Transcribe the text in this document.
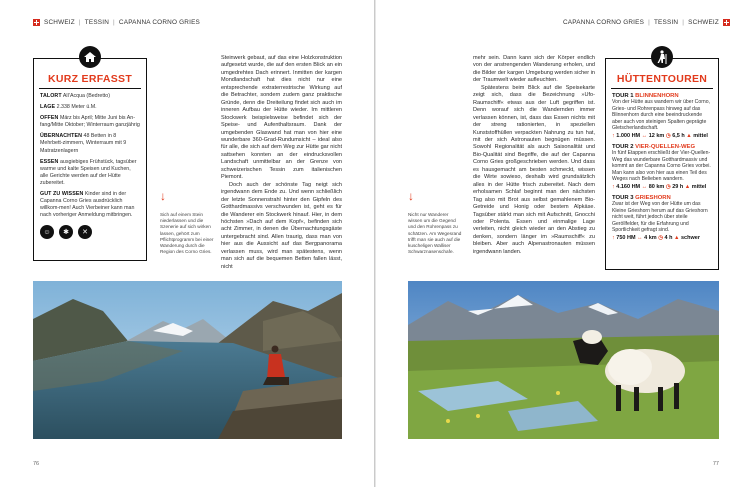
SCHWEIZ | TESSIN | CAPANNA CORNO GRIES
KURZ ERFASST
TALORT All’Acqua (Bedretto)
LAGE 2.338 Meter ü.M.
OFFEN März bis April; Mitte Juni bis An-fang/Mitte Oktober; Winterraum ganzjährig
ÜBERNACHTEN 48 Betten in 8 Mehrbett-zimmern, Winterraum mit 9 Matratzenlagern
ESSEN ausgiebiges Frühstück, tagsüber warme und kalte Speisen und Kuchen, alle Gerichte werden auf der Hütte zubereitet.
GUT ZU WISSEN Kinder sind in der Capanna Corno Gries ausdrücklich willkom-men! Auch Vierbeiner kann man nach vorheriger Anmeldung mitbringen.
☺	✱	✕
↓
Sich auf einem Stein niederlassen und die Szenerie auf sich wirken lassen, gehört zum Pflichtprogramm bei einer Wanderung durch die Region des Corno Gries.

Steinwerk gebaut, auf das eine Holzkonstruktion aufgesetzt wurde, die auf den ersten Blick an ein umgedrehtes Dach erinnert. Inmitten der kargen Mondlandschaft hat dies nicht nur eine entsprechende extraterrestrische Wirkung auf die Betrachter, sondern zudem ganz praktische Gründe, denn die Dreiteilung findet sich auch im inneren Aufbau der Hütte wieder. Im mittleren Stockwerk beispielsweise befindet sich der Speise- und Aufenthaltsraum. Dank der umgebenden Glaswand hat man von hier eine wunderbare 360-Grad-Rundumsicht – ideal also für alle, die sich auf dem Weg zur Hütte gar nicht sattsehen konnten an der eindrucksvollen Landschaft unmittelbar an der Grenze von schweizerischen Tessin zum italienischen Piemont.

Doch auch der schönste Tag neigt sich irgendwann dem Ende zu. Und wenn schließlich der letzte Sonnenstrahl hinter den Gipfeln des Gotthardmassivs verschwunden ist, geht es für die Wanderer ein Stockwerk hinauf. Hier, in dem höchsten »Dach auf dem Kopf«, befinden sich acht Zimmer, in denen die Übernachtungsgäste untergebracht sind. Allen traurig, dass man von hier aus die Aussicht auf das Bergpanorama verlassen muss, wird man spätestens, wenn man sich auf die bequemen Betten fallen lässt, nicht

76
CAPANNA CORNO GRIES | TESSIN | SCHWEIZ

mehr sein. Dann kann sich der Körper endlich von der anstrengenden Wanderung erholen, und die Bilder der kargen Umgebung werden sicher in der Traumwelt wieder aufleuchten.

Spätestens beim Blick auf die Speisekarte zeigt sich, dass die Bezeichnung »Ufo-Raumschiff« etwas aus der Luft gegriffen ist. Denn worauf sich die Wandernden immer verlassen können, ist, dass das Essen nichts mit der streng rationierten, in speziellen Kunststoffhüllen verpackten Nahrung zu tun hat, mit der sich Astronauten begnügen müssen. Sowohl Regionalität als auch Saisonalität und Bio-Qualität sind Begriffe, die auf der Capanna Corno Gries großgeschrieben werden. Und dass es hausgemacht am besten schmeckt, wissen die Wirte sowieso, deshalb wird grundsätzlich alles in der Hütte frisch zubereitet. Nach dem erholsamen Schlaf beginnt man den nächsten Tag also mit Brot aus selbst gemahlenem Bio-Getreide und Honig oder bestem Alpkäse. Tagsüber stärkt man sich mit Aufschnitt, Gnocchi oder Polenta. Essen und einmalige Lage verleiten, nicht gleich wieder an den Abstieg zu denken, sondern länger im »Raumschiff« zu bleiben. Aber auch Alpenastronauten müssen irgendwann landen.

↓
Nicht nur Wanderer wissen um die Gegend und den Rohrenpass zu schätzen. Am Wegesrand trifft man sie auch auf die kuscheligen Walliser Schwarznasenschafe.
HÜTTENTOUREN
TOUR 1 BLINNENHORN

Von der Hütte aus wandern wir über Corno, Gries- und Rohrenpass hinweg auf das Blinnenhorn durch eine beeindruckende aber auch von steinigen Spalten geprägte Gletscherlandschaft.

↑ 1.000 HM ↔ 12 km ◷ 6,5 h ▲ mittel
TOUR 2 VIER-QUELLEN-WEG

In fünf Etappen erschließt der Vier-Quellen-Weg das wunderbare Gotthardmassiv und kommt an der Capanna Corno Gries vorbei. Man kann also von hier aus einen Teil des Weges nach Belieben wandern.

↑ 4.160 HM ↔ 80 km ◷ 29 h ▲ mittel
TOUR 3 GRIESHORN

Zwar ist der Weg von der Hütte um das Kleine Grieshorn herum auf das Grieshorn nicht weit, führt jedoch über steile Geröllfelder, für die Erfahrung und Sportlichkeit gefragt sind.

↑ 750 HM ↔ 4 km ◷ 4 h ▲ schwer
77
